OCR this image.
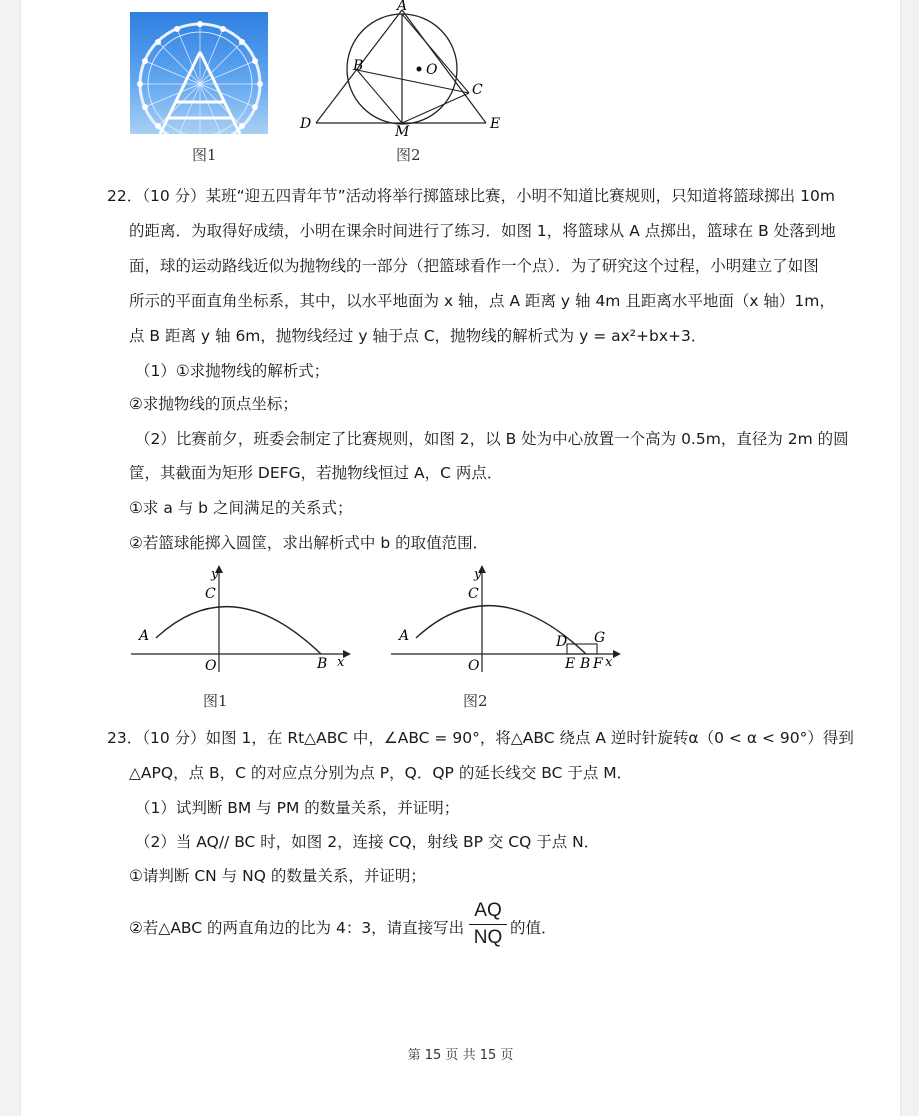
图1
A
B	O
C
D	M	E
图2
22．（10 分）某班“迎五四青年节”活动将举行掷篮球比赛，小明不知道比赛规则，只知道将篮球掷出 10m
的距离．为取得好成绩，小明在课余时间进行了练习．如图 1，将篮球从 A 点掷出，篮球在 B 处落到地
面，球的运动路线近似为抛物线的一部分（把篮球看作一个点）．为了研究这个过程，小明建立了如图
所示的平面直角坐标系，其中，以水平地面为 x 轴，点 A 距离 y 轴 4m 且距离水平地面（x 轴）1m，
点 B 距离 y 轴 6m，抛物线经过 y 轴于点 C，抛物线的解析式为 y = ax²+bx+3．
（1）①求抛物线的解析式；
②求抛物线的顶点坐标；
（2）比赛前夕，班委会制定了比赛规则，如图 2，以 B 处为中心放置一个高为 0.5m，直径为 2m 的圆
筐，其截面为矩形 DEFG，若抛物线恒过 A，C 两点．
①求 a 与 b 之间满足的关系式；
②若篮球能掷入圆筐，求出解析式中 b 的取值范围．
y
C
A
O	B x
图1
y
C
A
O
D G
E B F x
图2
23．（10 分）如图 1，在 Rt△ABC 中，∠ABC = 90°，将△ABC 绕点 A 逆时针旋转α（0 < α < 90°）得到
△APQ，点 B，C 的对应点分别为点 P，Q．QP 的延长线交 BC 于点 M．
（1）试判断 BM 与 PM 的数量关系，并证明；
（2）当 AQ// BC 时，如图 2，连接 CQ，射线 BP 交 CQ 于点 N．
①请判断 CN 与 NQ 的数量关系，并证明；
②若△ABC 的两直角边的比为 4：3，请直接写出
AQ
NQ 的值．
第 15 页 共 15 页
